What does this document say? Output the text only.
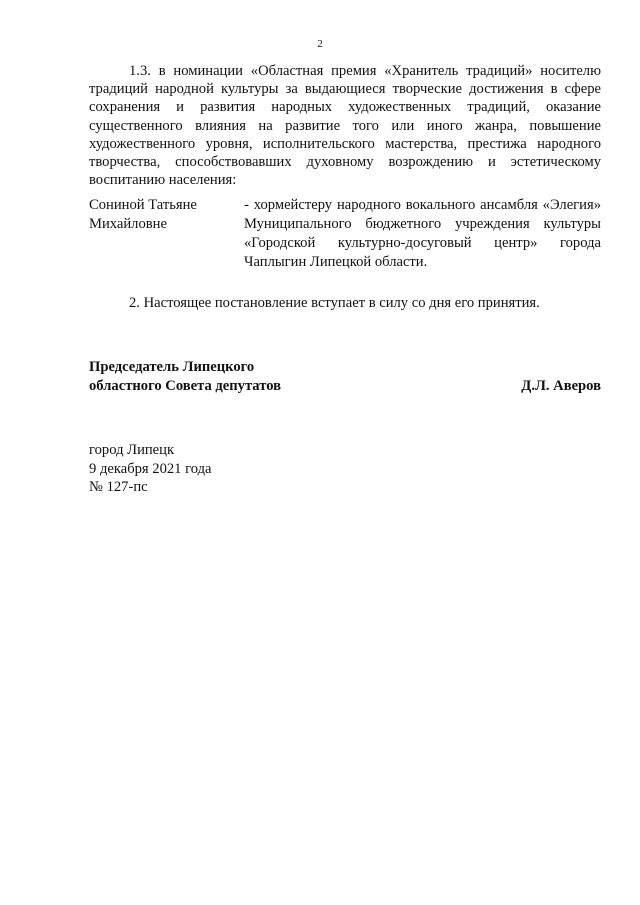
2
1.3. в номинации «Областная премия «Хранитель традиций» носителю традиций народной культуры за выдающиеся творческие достижения в сфере сохранения и развития народных художественных традиций, оказание существенного влияния на развитие того или иного жанра, повышение художественного уровня, исполнительского мастерства, престижа народного творчества, способствовавших духовному возрождению и эстетическому воспитанию населения:
Сониной Татьяне
Михайловне
- хормейстеру народного вокального ансамбля «Элегия» Муниципального бюджетного учреждения культуры «Городской культурно-досуговый центр» города Чаплыгин Липецкой области.
2. Настоящее постановление вступает в силу со дня его принятия.
Председатель Липецкого
областного Совета депутатов	Д.Л. Аверов
город Липецк
9 декабря 2021 года
№ 127-пс
